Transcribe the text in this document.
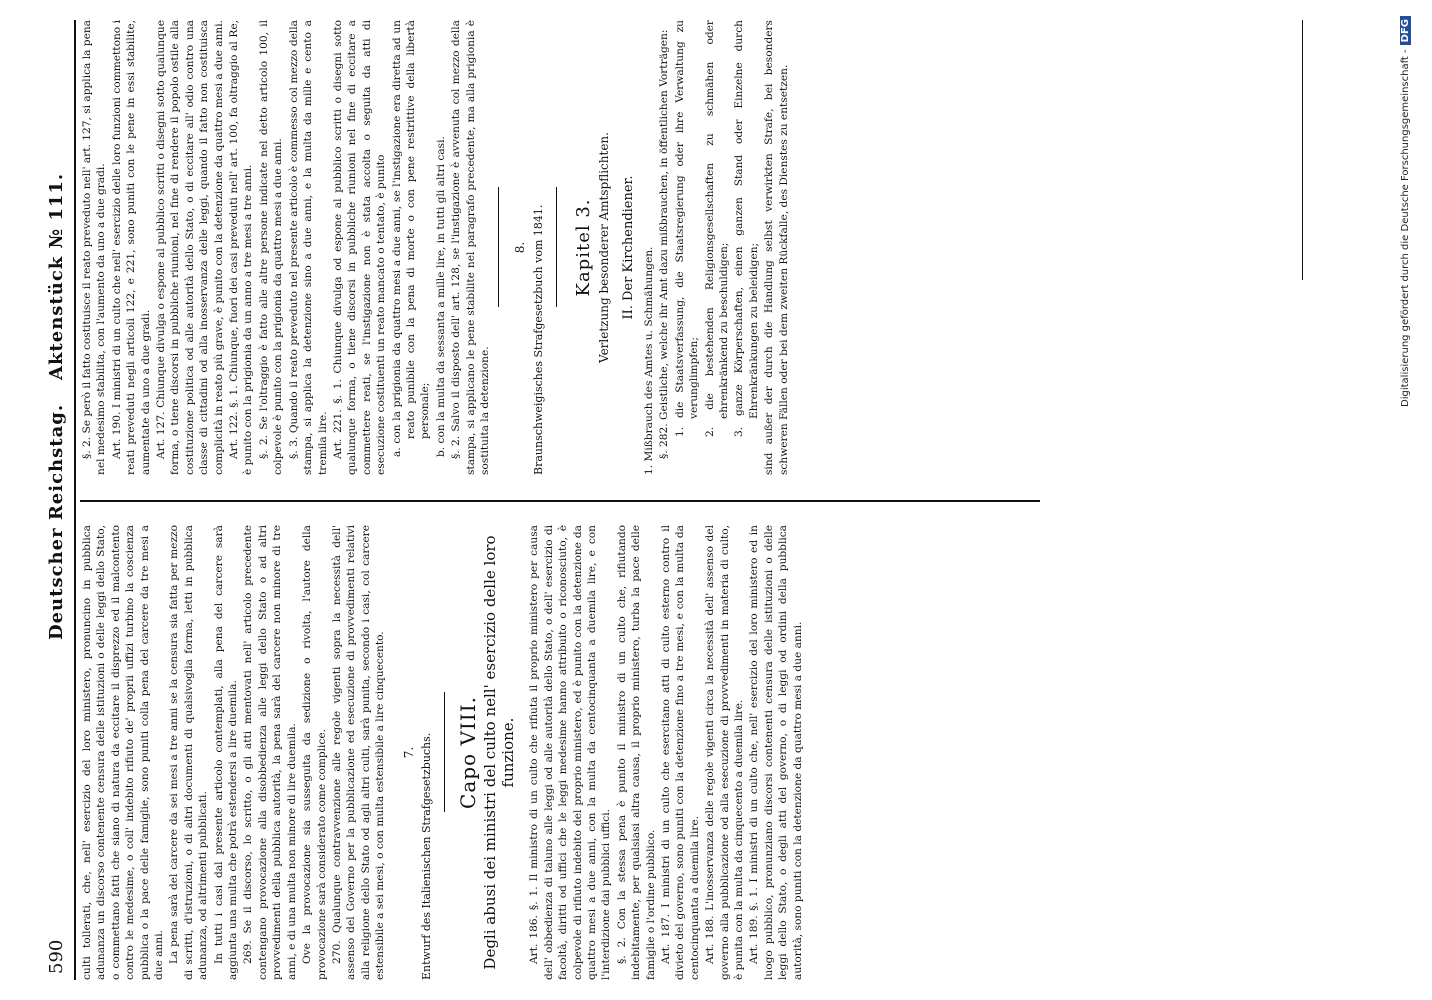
590
Deutscher Reichstag.
Aktenstück № 111.

culti tollerati, che, nell' esercizio del loro ministero, pronuncino in pubblica adunanza un discorso contenente censura delle istituzioni o delle leggi dello Stato, o commettano fatti che siano di natura da eccitare il disprezzo ed il malcontento contro le medesime, o coll' indebito rifiuto de' proprii uffizi turbino la coscienza pubblica o la pace delle famiglie, sono puniti colla pena del carcere da tre mesi a due anni. La pena sarà del carcere da sei mesi a tre anni se la censura sia fatta per mezzo di scritti, d'istruzioni, o di altri documenti di qualsivoglia forma, letti in pubblica adunanza, od altrimenti pubblicati. In tutti i casi dal presente articolo contemplati, alla pena del carcere sarà aggiunta una multa che potrà estendersi a lire duemila. 269. Se il discorso, lo scritto, o gli atti mentovati nell' articolo precedente contengano provocazione alla disobbedienza alle leggi dello Stato o ad altri provvedimenti della pubblica autorità, la pena sarà del carcere non minore di tre anni, e di una multa non minore di lire duemila. Ove la provocazione sia susseguita da sedizione o rivolta, l'autore della provocazione sarà considerato come complice. 270. Qualunque contravvenzione alle regole vigenti sopra la necessità dell' assenso del Governo per la pubblicazione ed esecuzione di provvedimenti relativi alla religione dello Stato od agli altri culti, sarà punita, secondo i casi, col carcere estensibile a sei mesi, o con multa estensibile a lire cinquecento. 7. Entwurf des Italienischen Strafgesetzbuchs. Capo VIII. Degli abusi dei ministri del culto nell' esercizio delle loro funzione. Art. 186. §. 1. Il ministro di un culto che rifiuta il proprio ministero per causa dell' obbedienza di taluno alle leggi od alle autorità dello Stato, o dell' esercizio di facoltà, diritti od uffici che le leggi medesime hanno attribuito o riconosciuto, è colpevole di rifiuto indebito del proprio ministero, ed è punito con la detenzione da quattro mesi a due anni, con la multa da centocinquanta a duemila lire, e con l'interdizione dai pubblici uffici. §. 2. Con la stessa pena è punito il ministro di un culto che, rifiutando indebitamente, per qualsiasi altra causa, il proprio ministero, turba la pace delle famiglie o l'ordine pubblico. Art. 187. I ministri di un culto che esercitano atti di culto esterno contro il divieto del governo, sono puniti con la detenzione fino a tre mesi, e con la multa da centocinquanta a duemila lire. Art. 188. L'inosservanza delle regole vigenti circa la necessità dell' assenso del governo alla pubblicazione od alla esecuzione di provvedimenti in materia di culto, è punita con la multa da cinquecento a duemila lire. Art. 189. §. 1. I ministri di un culto che, nell' esercizio del loro ministero ed in luogo pubblico, pronunziano discorsi contenenti censura delle istituzioni o delle leggi dello Stato, o degli atti del governo, o di leggi od ordini della pubblica autorità, sono puniti con la detenzione da quattro mesi a due anni.

§. 2. Se però il fatto costituisce il reato preveduto nell' art. 127, si applica la pena nel medesimo stabilita, con l'aumento da uno a due gradi. Art. 190. I ministri di un culto che nell' esercizio delle loro funzioni commettono i reati preveduti negli articoli 122, e 221, sono puniti con le pene in essi stabilite, aumentate da uno a due gradi. Art. 127. Chiunque divulga o espone al pubblico scritti o disegni sotto qualunque forma, o tiene discorsi in pubbliche riunioni, nel fine di rendere il popolo ostile alla costituzione politica od alle autorità dello Stato, o di eccitare all' odio contro una classe di cittadini od alla inosservanza delle leggi, quando il fatto non costituisca complicità in reato più grave, è punito con la detenzione da quattro mesi a due anni. Art. 122. §. 1. Chiunque, fuori dei casi preveduti nell' art. 100, fa oltraggio al Re, è punito con la prigionia da un anno a tre mesi a tre anni. §. 2. Se l'oltraggio è fatto alle altre persone indicate nel detto articolo 100, il colpevole è punito con la prigionia da quattro mesi a due anni. §. 3. Quando il reato preveduto nel presente articolo è commesso col mezzo della stampa, si applica la detenzione sino a due anni, e la multa da mille e cento a tremila lire. Art. 221. §. 1. Chiunque divulga od espone al pubblico scritti o disegni sotto qualunque forma, o tiene discorsi in pubbliche riunioni nel fine di eccitare a commettere reati, se l'instigazione non è stata accolta o seguita da atti di esecuzione costituenti un reato mancato o tentato, è punito a. con la prigionia da quattro mesi a due anni, se l'instigazione era diretta ad un reato punibile con la pena di morte o con pene restrittive della libertà personale; b. con la multa da sessanta a mille lire, in tutti gli altri casi. §. 2. Salvo il disposto dell' art. 128, se l'instigazione è avvenuta col mezzo della stampa, si applicano le pene stabilite nel paragrafo precedente, ma alla prigionia è sostituita la detenzione.

8. Braunschweigisches Strafgesetzbuch vom 1841. Kapitel 3. Verletzung besonderer Amtspflichten. II. Der Kirchendiener. 1. Mißbrauch des Amtes u. Schmähungen. §. 282. Geistliche, welche ihr Amt dazu mißbrauchen, in öffentlichen Vorträgen: 1. die Staatsverfassung, die Staatsregierung oder ihre Verwaltung zu verunglimpfen; 2. die bestehenden Religionsgesellschaften zu schmähen oder ehrenkränkend zu beschuldigen; 3. ganze Körperschaften, einen ganzen Stand oder Einzelne durch Ehrenkränkungen zu beleidigen; sind außer der durch die Handlung selbst verwirkten Strafe, bei besonders schweren Fällen oder bei dem zweiten Rückfalle, des Dienstes zu entsetzen.	Digitalisierung gefördert durch die Deutsche Forschungsgemeinschaft -DFG
